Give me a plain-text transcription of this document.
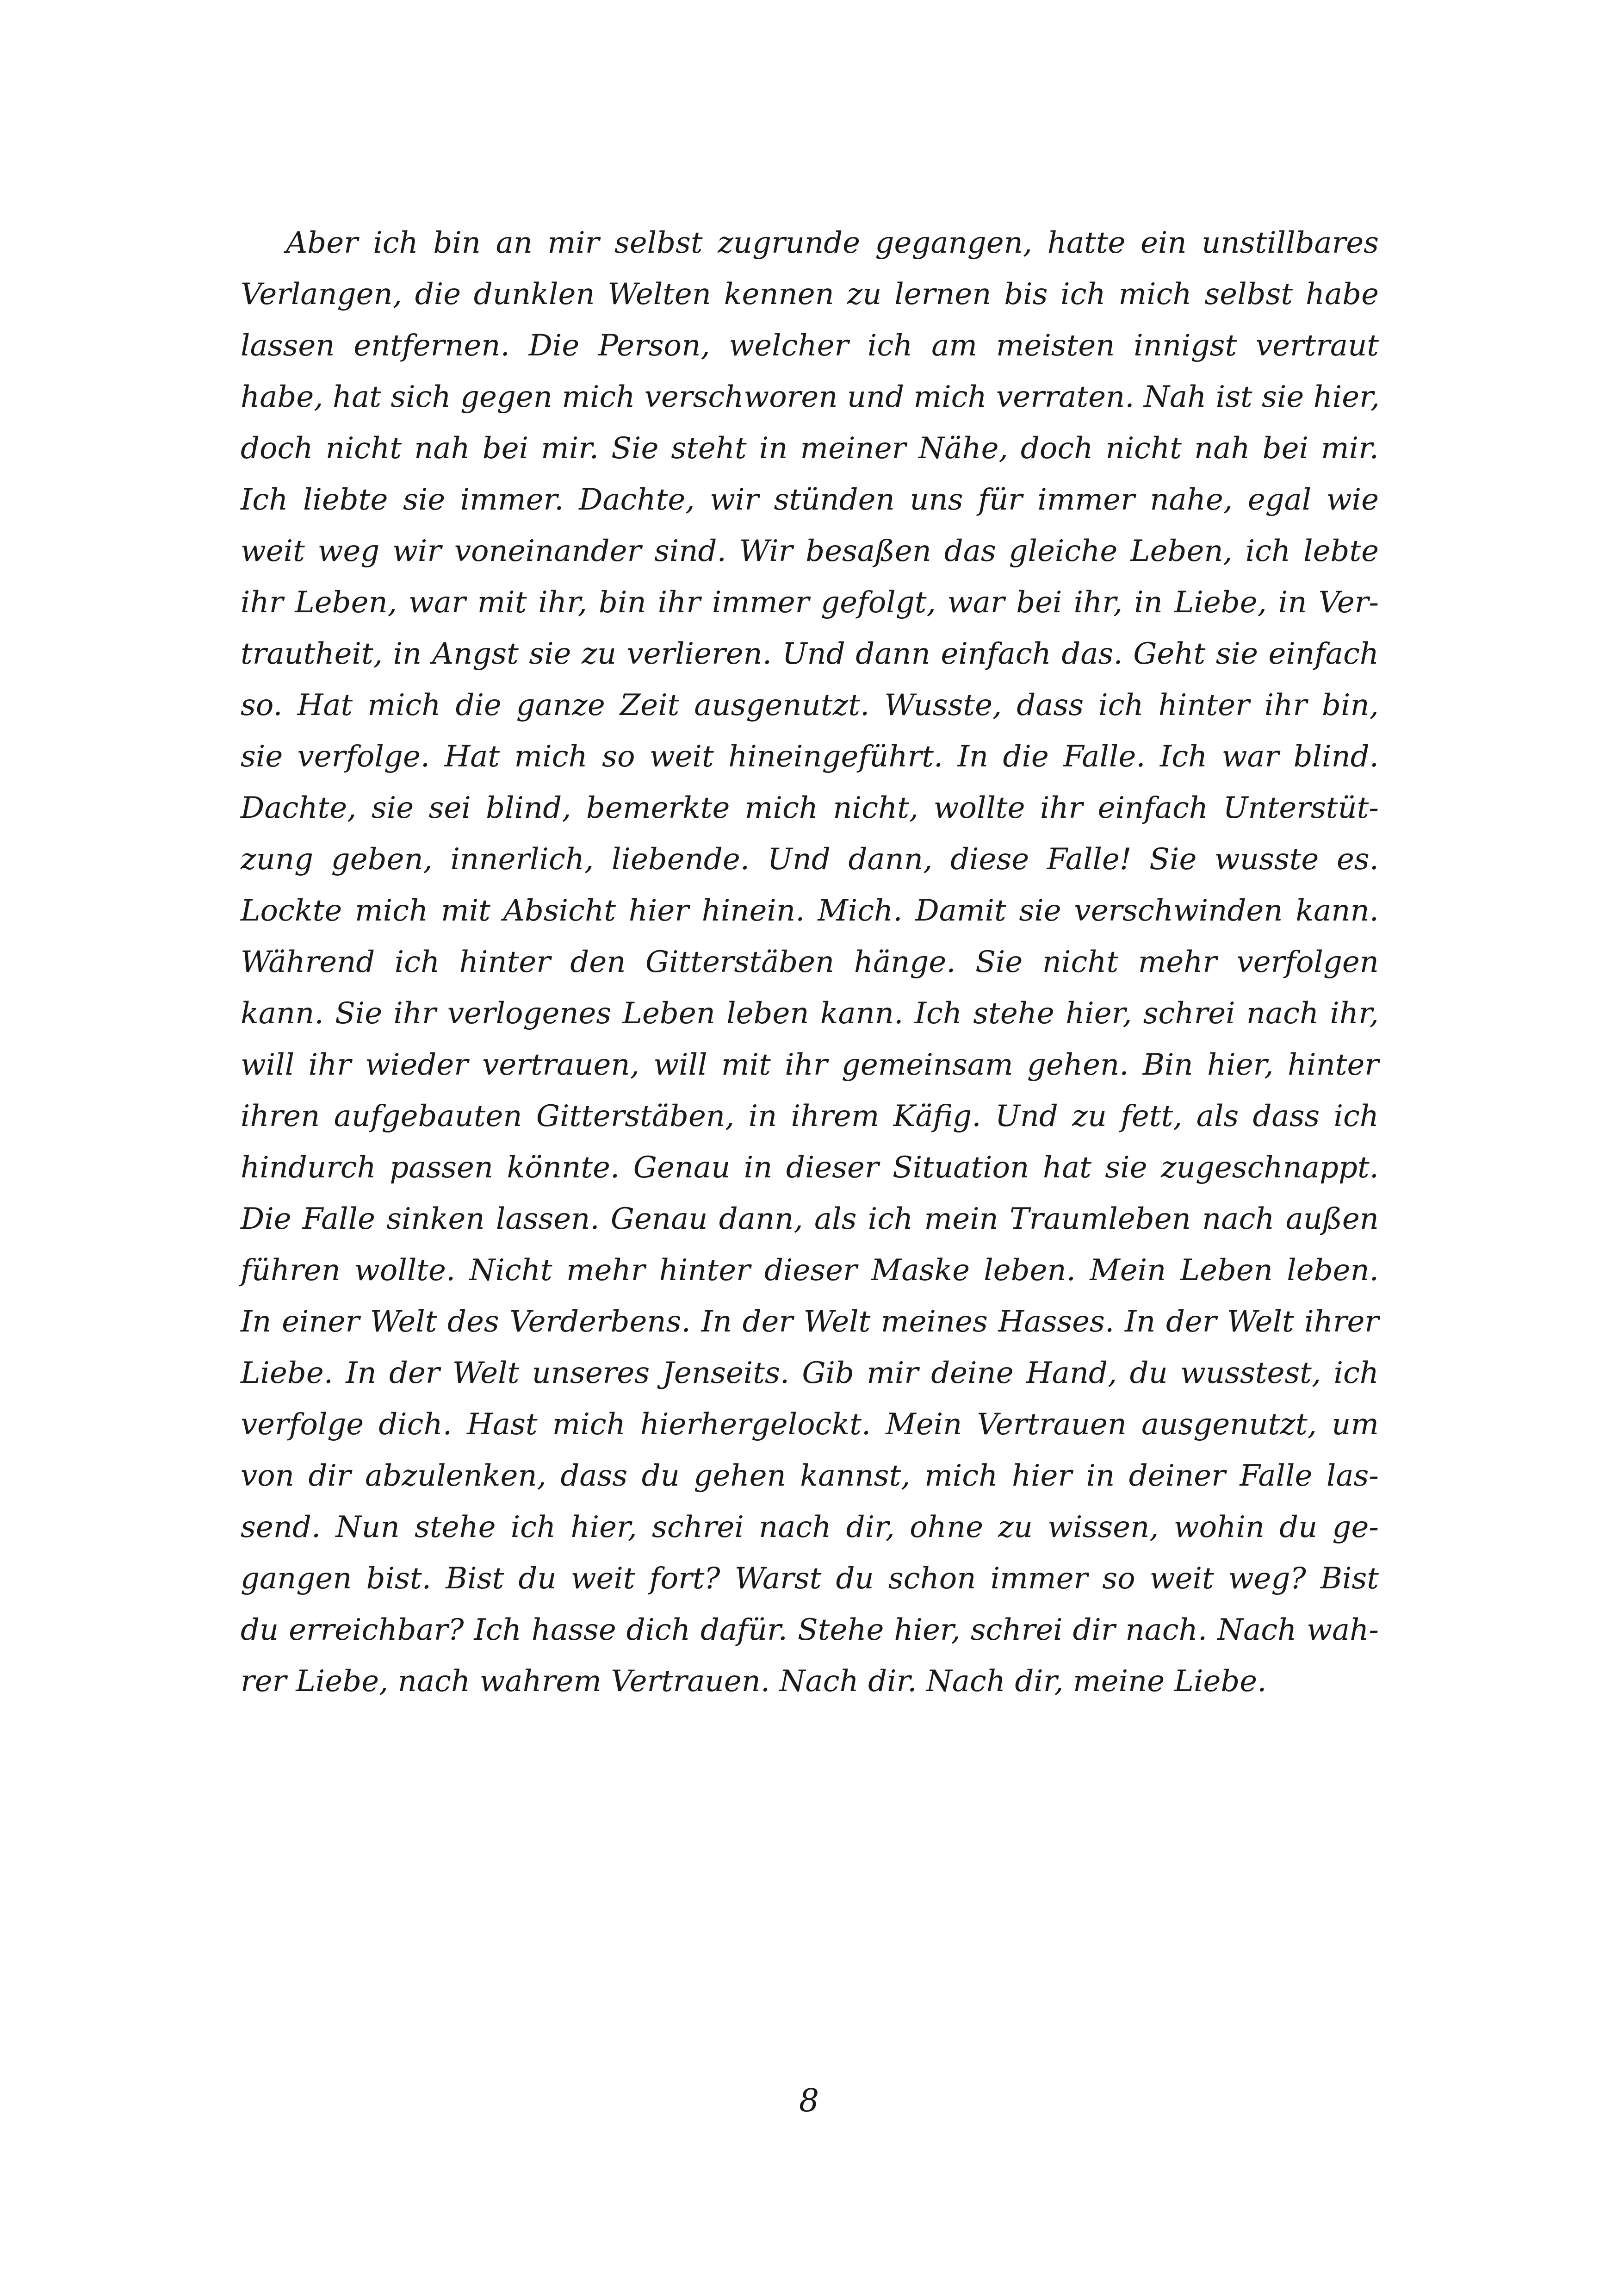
Aber ich bin an mir selbst zugrunde gegangen, hatte ein unstillbares
Verlangen, die dunklen Welten kennen zu lernen bis ich mich selbst habe
lassen entfernen. Die Person, welcher ich am meisten innigst vertraut
habe, hat sich gegen mich verschworen und mich verraten. Nah ist sie hier,
doch nicht nah bei mir. Sie steht in meiner Nähe, doch nicht nah bei mir.
Ich liebte sie immer. Dachte, wir stünden uns für immer nahe, egal wie
weit weg wir voneinander sind. Wir besaßen das gleiche Leben, ich lebte
ihr Leben, war mit ihr, bin ihr immer gefolgt, war bei ihr, in Liebe, in Ver-
trautheit, in Angst sie zu verlieren. Und dann einfach das. Geht sie einfach
so. Hat mich die ganze Zeit ausgenutzt. Wusste, dass ich hinter ihr bin,
sie verfolge. Hat mich so weit hineingeführt. In die Falle. Ich war blind.
Dachte, sie sei blind, bemerkte mich nicht, wollte ihr einfach Unterstüt-
zung geben, innerlich, liebende. Und dann, diese Falle! Sie wusste es.
Lockte mich mit Absicht hier hinein. Mich. Damit sie verschwinden kann.
Während ich hinter den Gitterstäben hänge. Sie nicht mehr verfolgen
kann. Sie ihr verlogenes Leben leben kann. Ich stehe hier, schrei nach ihr,
will ihr wieder vertrauen, will mit ihr gemeinsam gehen. Bin hier, hinter
ihren aufgebauten Gitterstäben, in ihrem Käfig. Und zu fett, als dass ich
hindurch passen könnte. Genau in dieser Situation hat sie zugeschnappt.
Die Falle sinken lassen. Genau dann, als ich mein Traumleben nach außen
führen wollte. Nicht mehr hinter dieser Maske leben. Mein Leben leben.
In einer Welt des Verderbens. In der Welt meines Hasses. In der Welt ihrer
Liebe. In der Welt unseres Jenseits. Gib mir deine Hand, du wusstest, ich
verfolge dich. Hast mich hierhergelockt. Mein Vertrauen ausgenutzt, um
von dir abzulenken, dass du gehen kannst, mich hier in deiner Falle las-
send. Nun stehe ich hier, schrei nach dir, ohne zu wissen, wohin du ge-
gangen bist. Bist du weit fort? Warst du schon immer so weit weg? Bist
du erreichbar? Ich hasse dich dafür. Stehe hier, schrei dir nach. Nach wah-
rer Liebe, nach wahrem Vertrauen. Nach dir. Nach dir, meine Liebe.
8
